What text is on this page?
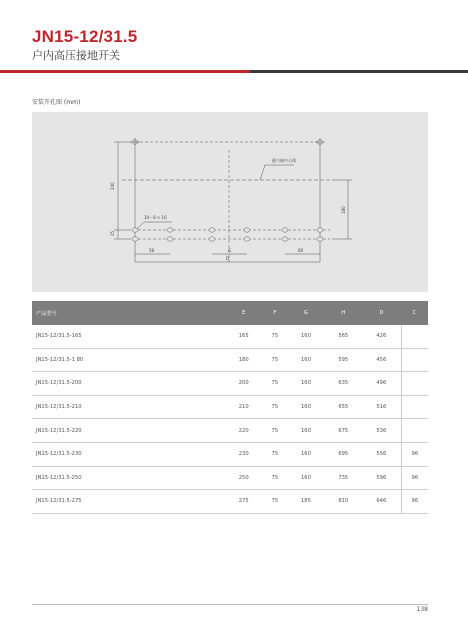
JN15-12/31.5
户内高压接地开关
安装开孔图 (mm)
静刀轴中心线
10－8 × 16
240
25
180
58	G	66
D
产品型号	E	F	G	H	D	C
JN15-12/31.5-165	165	75	160	565	426	
JN15-12/31.5-1 80	180	75	160	595	456	
JN15-12/31.5-200	200	75	160	635	496	
JN15-12/31.5-210	210	75	160	655	516	
JN15-12/31.5-220	220	75	160	675	536	
JN15-12/31.5-230	230	75	160	695	556	96
JN15-12/31.5-250	250	75	160	735	596	96
JN15-12/31.5-275	275	75	185	810	646	96
138
